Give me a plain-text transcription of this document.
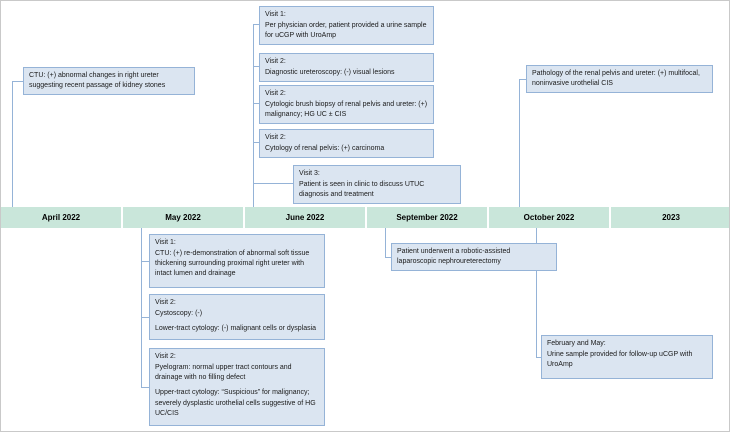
CTU: (+) abnormal changes in right ureter suggesting recent passage of kidney stones

Visit 1:

Per physician order, patient provided a urine sample for uCGP with UroAmp

Visit 2:

Diagnostic ureteroscopy: (-) visual lesions

Visit 2:

Cytologic brush biopsy of renal pelvis and ureter: (+) malignancy; HG UC ± CIS

Visit 2:

Cytology of renal pelvis: (+) carcinoma

Visit 3:

Patient is seen in clinic to discuss UTUC diagnosis and treatment

Pathology of the renal pelvis and ureter: (+) multifocal, noninvasive urothelial CIS

April 2022	May 2022	June 2022	September 2022	October 2022	2023

Visit 1:

CTU: (+) re-demonstration of abnormal soft tissue thickening surrounding proximal right ureter with intact lumen and drainage

Visit 2:

Cystoscopy: (-)

Lower-tract cytology: (-) malignant cells or dysplasia

Visit 2:

Pyelogram: normal upper tract contours and drainage with no filling defect

Upper-tract cytology: “Suspicious” for malignancy; severely dysplastic urothelial cells suggestive of HG UC/CIS

Patient underwent a robotic-assisted laparoscopic nephroureterectomy

February and May:

Urine sample provided for follow-up uCGP with UroAmp
